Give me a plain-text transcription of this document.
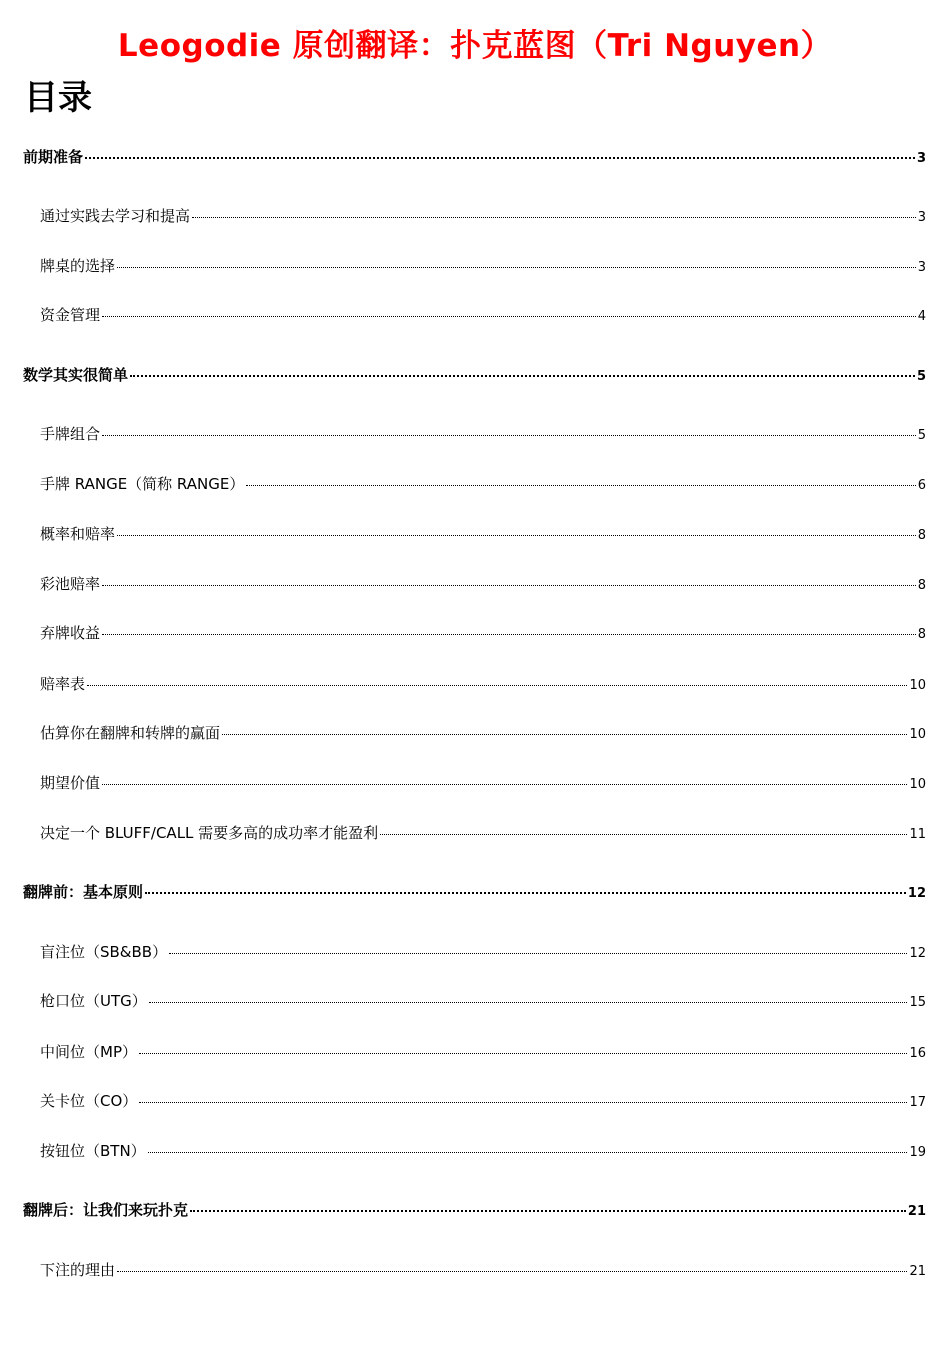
Leogodie 原创翻译：扑克蓝图（Tri Nguyen）
目录
前期准备	3
通过实践去学习和提高	3
牌桌的选择	3
资金管理	4
数学其实很简单	5
手牌组合	5
手牌 RANGE（简称 RANGE）	6
概率和赔率	8
彩池赔率	8
弃牌收益	8
赔率表	10
估算你在翻牌和转牌的赢面	10
期望价值	10
决定一个 BLUFF/CALL 需要多高的成功率才能盈利	11
翻牌前：基本原则	12
盲注位（SB&BB）	12
枪口位（UTG）	15
中间位（MP）	16
关卡位（CO）	17
按钮位（BTN）	19
翻牌后：让我们来玩扑克	21
下注的理由	21
